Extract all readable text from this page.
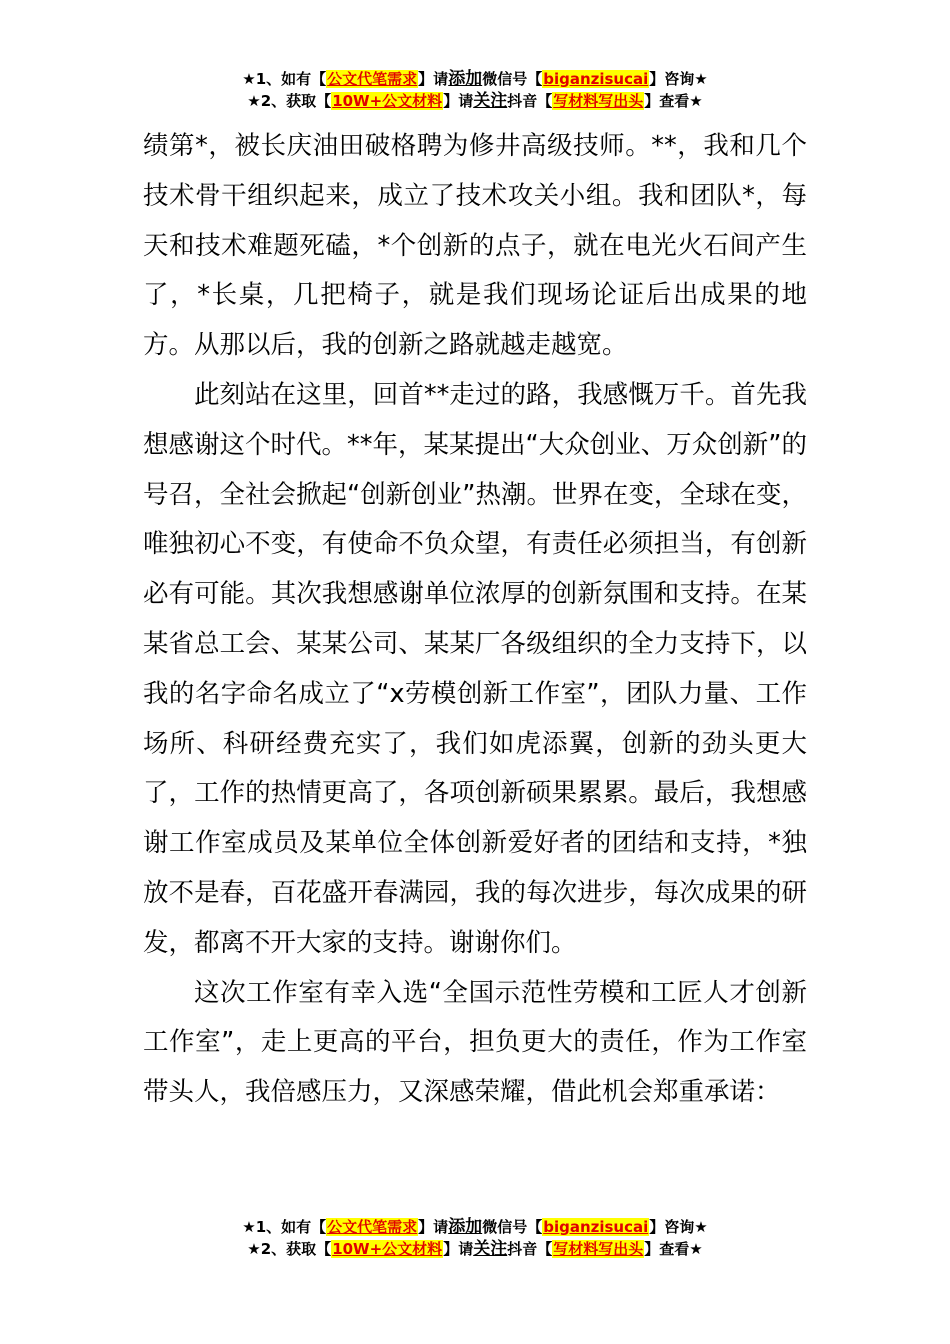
★1、如有【公文代笔需求】请添加微信号【biganzisucai】咨询★
★2、获取【10W+公文材料】请关注抖音【写材料写出头】查看★

绩第*，被长庆油田破格聘为修井高级技师。**，我和几个技术骨干组织起来，成立了技术攻关小组。我和团队*，每天和技术难题死磕，*个创新的点子，就在电光火石间产生了，*长桌，几把椅子，就是我们现场论证后出成果的地方。从那以后，我的创新之路就越走越宽。

此刻站在这里，回首**走过的路，我感慨万千。首先我想感谢这个时代。**年，某某提出“大众创业、万众创新”的号召，全社会掀起“创新创业”热潮。世界在变，全球在变，唯独初心不变，有使命不负众望，有责任必须担当，有创新必有可能。其次我想感谢单位浓厚的创新氛围和支持。在某某省总工会、某某公司、某某厂各级组织的全力支持下，以我的名字命名成立了“x劳模创新工作室”，团队力量、工作场所、科研经费充实了，我们如虎添翼，创新的劲头更大了，工作的热情更高了，各项创新硕果累累。最后，我想感谢工作室成员及某单位全体创新爱好者的团结和支持，*独放不是春，百花盛开春满园，我的每次进步，每次成果的研发，都离不开大家的支持。谢谢你们。

这次工作室有幸入选“全国示范性劳模和工匠人才创新工作室”，走上更高的平台，担负更大的责任，作为工作室带头人，我倍感压力，又深感荣耀，借此机会郑重承诺：

★1、如有【公文代笔需求】请添加微信号【biganzisucai】咨询★
★2、获取【10W+公文材料】请关注抖音【写材料写出头】查看★
